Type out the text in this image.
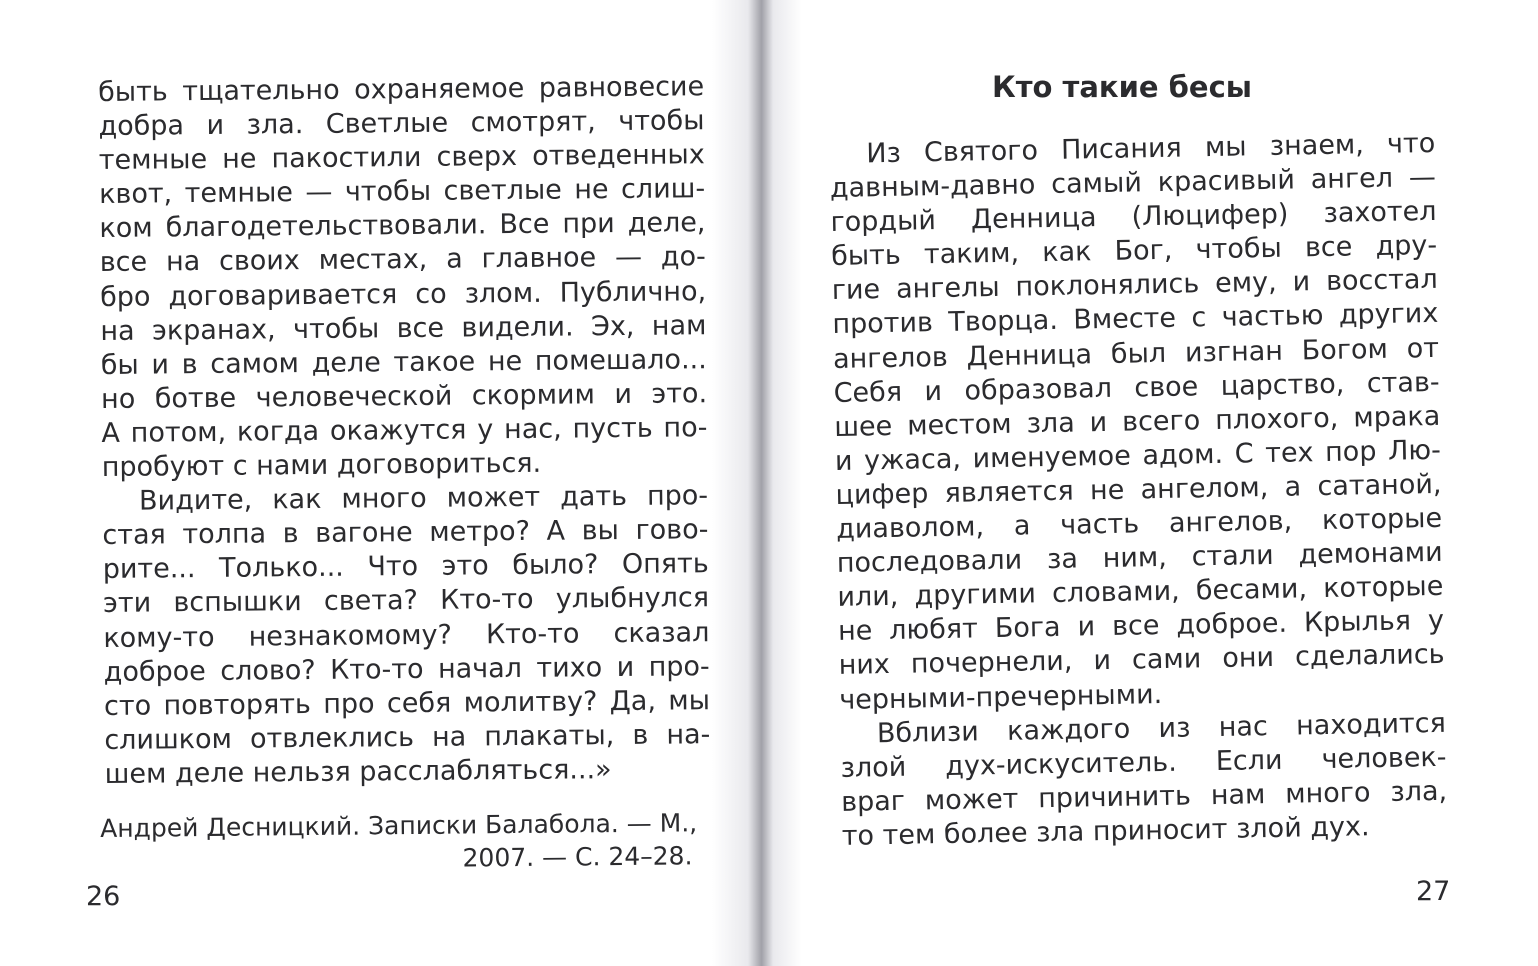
быть тщательно охраняемое равновесие
добра и зла. Светлые смотрят, чтобы
темные не пакостили сверх отведенных
квот, темные — чтобы светлые не слиш-
ком благодетельствовали. Все при деле,
все на своих местах, а главное — до-
бро договаривается со злом. Публично,
на экранах, чтобы все видели. Эх, нам
бы и в самом деле такое не помешало...
но ботве человеческой скормим и это.
А потом, когда окажутся у нас, пусть по-
пробуют с нами договориться.
Видите, как много может дать про-
стая толпа в вагоне метро? А вы гово-
рите... Только... Что это было? Опять
эти вспышки света? Кто-то улыбнулся
кому-то незнакомому? Кто-то сказал
доброе слово? Кто-то начал тихо и про-
сто повторять про себя молитву? Да, мы
слишком отвлеклись на плакаты, в на-
шем деле нельзя расслабляться...»
Андрей Десницкий. Записки Балабола. — М.,
2007. — С. 24–28.
26
Кто такие бесы
Из Святого Писания мы знаем, что
давным-давно самый красивый ангел —
гордый Денница (Люцифер) захотел
быть таким, как Бог, чтобы все дру-
гие ангелы поклонялись ему, и восстал
против Творца. Вместе с частью других
ангелов Денница был изгнан Богом от
Себя и образовал свое царство, став-
шее местом зла и всего плохого, мрака
и ужаса, именуемое адом. С тех пор Лю-
цифер является не ангелом, а сатаной,
диаволом, а часть ангелов, которые
последовали за ним, стали демонами
или, другими словами, бесами, которые
не любят Бога и все доброе. Крылья у
них почернели, и сами они сделались
черными-пречерными.
Вблизи каждого из нас находится
злой дух-искуситель. Если человек-
враг может причинить нам много зла,
то тем более зла приносит злой дух.
27
